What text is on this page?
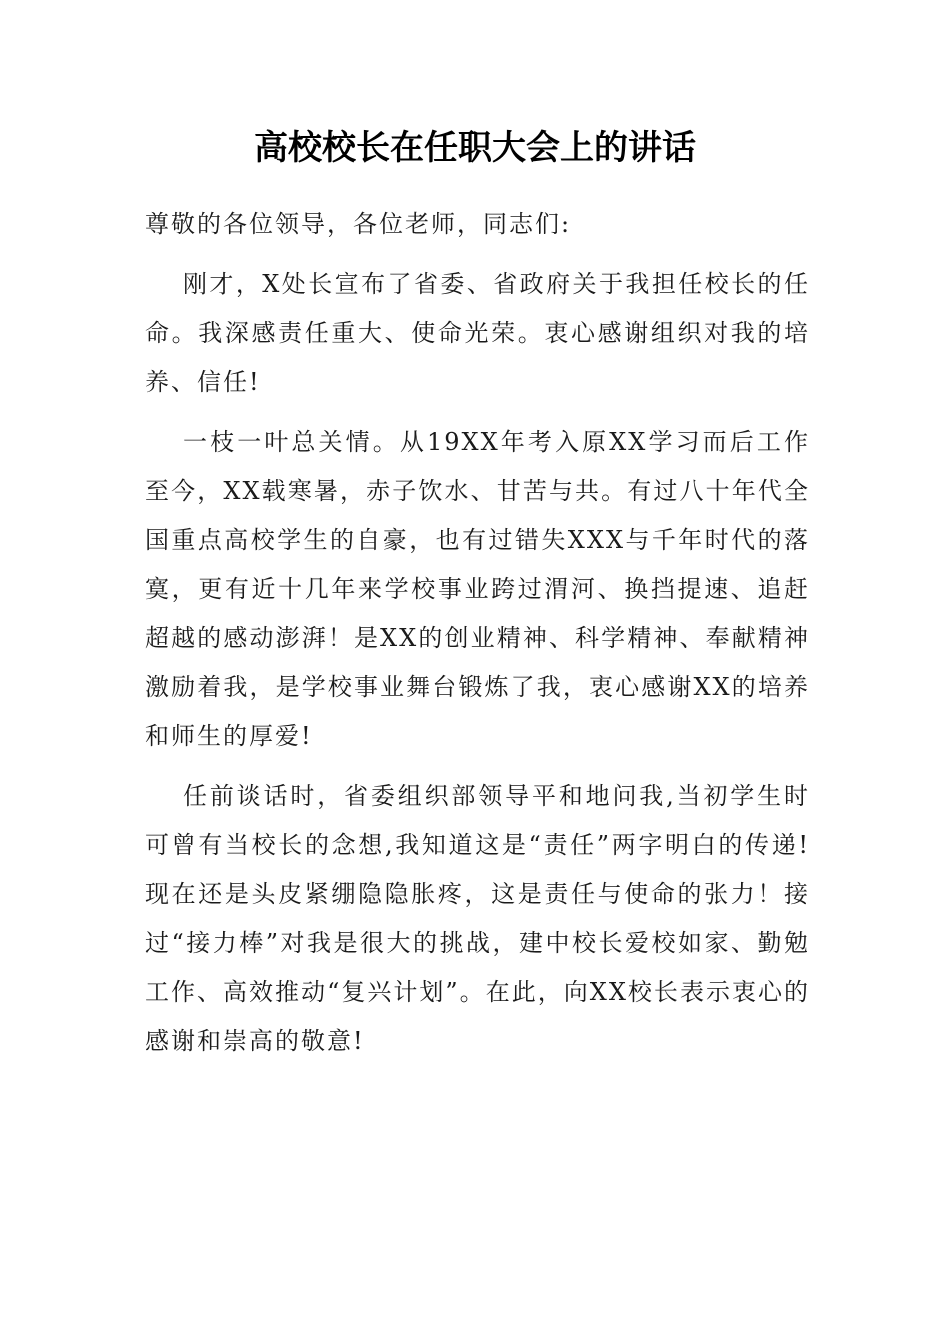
高校校长在任职大会上的讲话

尊敬的各位领导，各位老师，同志们:

刚才，X处长宣布了省委、省政府关于我担任校长的任命。我深感责任重大、使命光荣。衷心感谢组织对我的培养、信任!

一枝一叶总关情。从19XX年考入原XX学习而后工作至今，XX载寒暑，赤子饮水、甘苦与共。有过八十年代全国重点高校学生的自豪，也有过错失XXX与千年时代的落寞，更有近十几年来学校事业跨过渭河、换挡提速、追赶超越的感动澎湃！是XX的创业精神、科学精神、奉献精神激励着我，是学校事业舞台锻炼了我，衷心感谢XX的培养和师生的厚爱!

任前谈话时，省委组织部领导平和地问我,当初学生时可曾有当校长的念想,我知道这是“责任”两字明白的传递!现在还是头皮紧绷隐隐胀疼，这是责任与使命的张力！接过“接力棒”对我是很大的挑战，建中校长爱校如家、勤勉工作、高效推动“复兴计划”。在此，向XX校长表示衷心的感谢和崇高的敬意!
